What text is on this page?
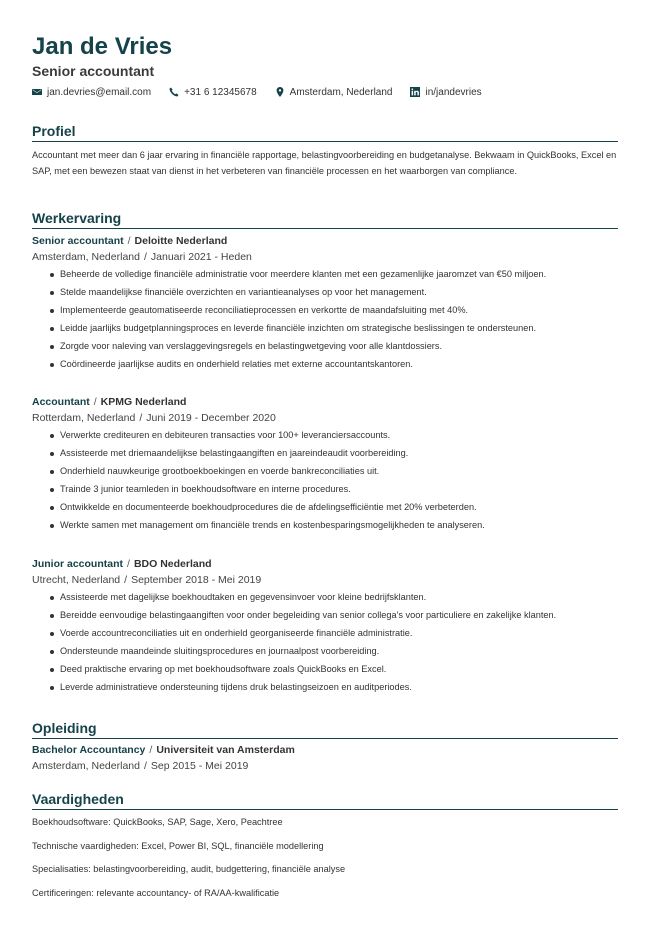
Jan de Vries
Senior accountant
jan.devries@email.com	+31 6 12345678	Amsterdam, Nederland	in/jandevries
Profiel
Accountant met meer dan 6 jaar ervaring in financiële rapportage, belastingvoorbereiding en budgetanalyse. Bekwaam in QuickBooks, Excel en SAP, met een bewezen staat van dienst in het verbeteren van financiële processen en het waarborgen van compliance.
Werkervaring
Senior accountant / Deloitte Nederland
Amsterdam, Nederland / Januari 2021 - Heden
Beheerde de volledige financiële administratie voor meerdere klanten met een gezamenlijke jaaromzet van €50 miljoen.
Stelde maandelijkse financiële overzichten en variantieanalyses op voor het management.
Implementeerde geautomatiseerde reconciliatieprocessen en verkortte de maandafsluiting met 40%.
Leidde jaarlijks budgetplanningsproces en leverde financiële inzichten om strategische beslissingen te ondersteunen.
Zorgde voor naleving van verslaggevingsregels en belastingwetgeving voor alle klantdossiers.
Coördineerde jaarlijkse audits en onderhield relaties met externe accountantskantoren.
Accountant / KPMG Nederland
Rotterdam, Nederland / Juni 2019 - December 2020
Verwerkte crediteuren en debiteuren transacties voor 100+ leveranciersaccounts.
Assisteerde met driemaandelijkse belastingaangiften en jaareindeaudit voorbereiding.
Onderhield nauwkeurige grootboekboekingen en voerde bankreconciliaties uit.
Trainde 3 junior teamleden in boekhoudsoftware en interne procedures.
Ontwikkelde en documenteerde boekhoudprocedures die de afdelingsefficiëntie met 20% verbeterden.
Werkte samen met management om financiële trends en kostenbesparingsmogelijkheden te analyseren.
Junior accountant / BDO Nederland
Utrecht, Nederland / September 2018 - Mei 2019
Assisteerde met dagelijkse boekhoudtaken en gegevensinvoer voor kleine bedrijfsklanten.
Bereidde eenvoudige belastingaangiften voor onder begeleiding van senior collega's voor particuliere en zakelijke klanten.
Voerde accountreconciliaties uit en onderhield georganiseerde financiële administratie.
Ondersteunde maandeinde sluitingsprocedures en journaalpost voorbereiding.
Deed praktische ervaring op met boekhoudsoftware zoals QuickBooks en Excel.
Leverde administratieve ondersteuning tijdens druk belastingseizoen en auditperiodes.
Opleiding
Bachelor Accountancy / Universiteit van Amsterdam
Amsterdam, Nederland / Sep 2015 - Mei 2019
Vaardigheden
Boekhoudsoftware: QuickBooks, SAP, Sage, Xero, Peachtree
Technische vaardigheden: Excel, Power BI, SQL, financiële modellering
Specialisaties: belastingvoorbereiding, audit, budgettering, financiële analyse
Certificeringen: relevante accountancy- of RA/AA-kwalificatie
